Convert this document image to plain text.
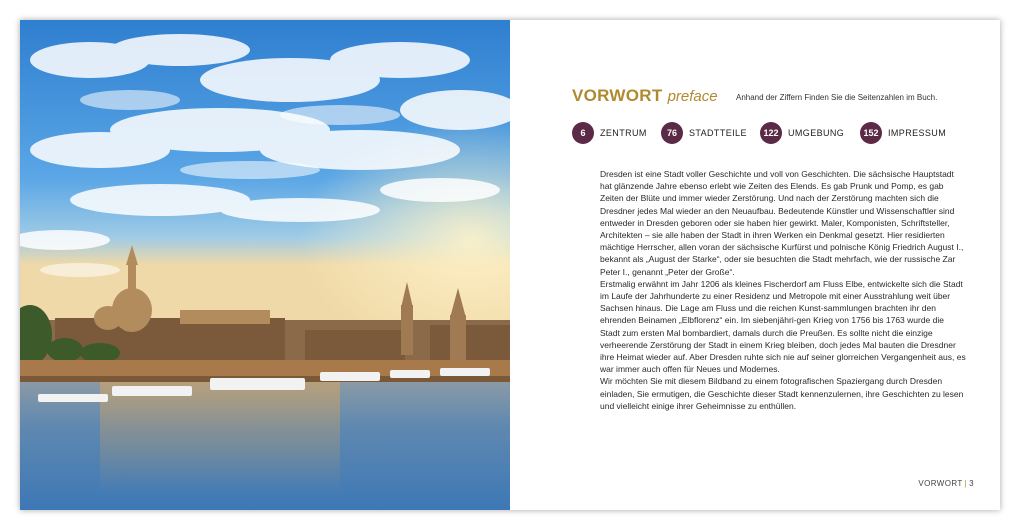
VORWORT preface Anhand der Ziffern Finden Sie die Seitenzahlen im Buch.
6	ZENTRUM	76	STADTTEILE	122	UMGEBUNG	152	IMPRESSUM

Dresden ist eine Stadt voller Geschichte und voll von Geschichten. Die sächsische Hauptstadt hat glänzende Jahre ebenso erlebt wie Zeiten des Elends. Es gab Prunk und Pomp, es gab Zeiten der Blüte und immer wieder Zerstörung. Und nach der Zerstörung machten sich die Dresdner jedes Mal wieder an den Neuaufbau. Bedeutende Künstler und Wissenschaftler sind entweder in Dresden geboren oder sie haben hier gewirkt. Maler, Komponisten, Schriftsteller, Architekten – sie alle haben der Stadt in ihren Werken ein Denkmal gesetzt. Hier residierten mächtige Herrscher, allen voran der sächsische Kurfürst und polnische König Friedrich August I., bekannt als „August der Starke“, oder sie besuchten die Stadt mehrfach, wie der russische Zar Peter I., genannt „Peter der Große“.

Erstmalig erwähnt im Jahr 1206 als kleines Fischerdorf am Fluss Elbe, entwickelte sich die Stadt im Laufe der Jahrhunderte zu einer Residenz und Metropole mit einer Ausstrahlung weit über Sachsen hinaus. Die Lage am Fluss und die reichen Kunst-sammlungen brachten ihr den ehrenden Beinamen „Elbflorenz“ ein. Im siebenjähri-gen Krieg von 1756 bis 1763 wurde die Stadt zum ersten Mal bombardiert, damals durch die Preußen. Es sollte nicht die einzige verheerende Zerstörung der Stadt in einem Krieg bleiben, doch jedes Mal bauten die Dresdner ihre Heimat wieder auf. Aber Dresden ruhte sich nie auf seiner glorreichen Vergangenheit aus, es war immer auch offen für Neues und Modernes.

Wir möchten Sie mit diesem Bildband zu einem fotografischen Spaziergang durch Dresden einladen, Sie ermutigen, die Geschichte dieser Stadt kennenzulernen, ihre Geschichten zu lesen und vielleicht einige ihrer Geheimnisse zu enthüllen.

VORWORT | 3
